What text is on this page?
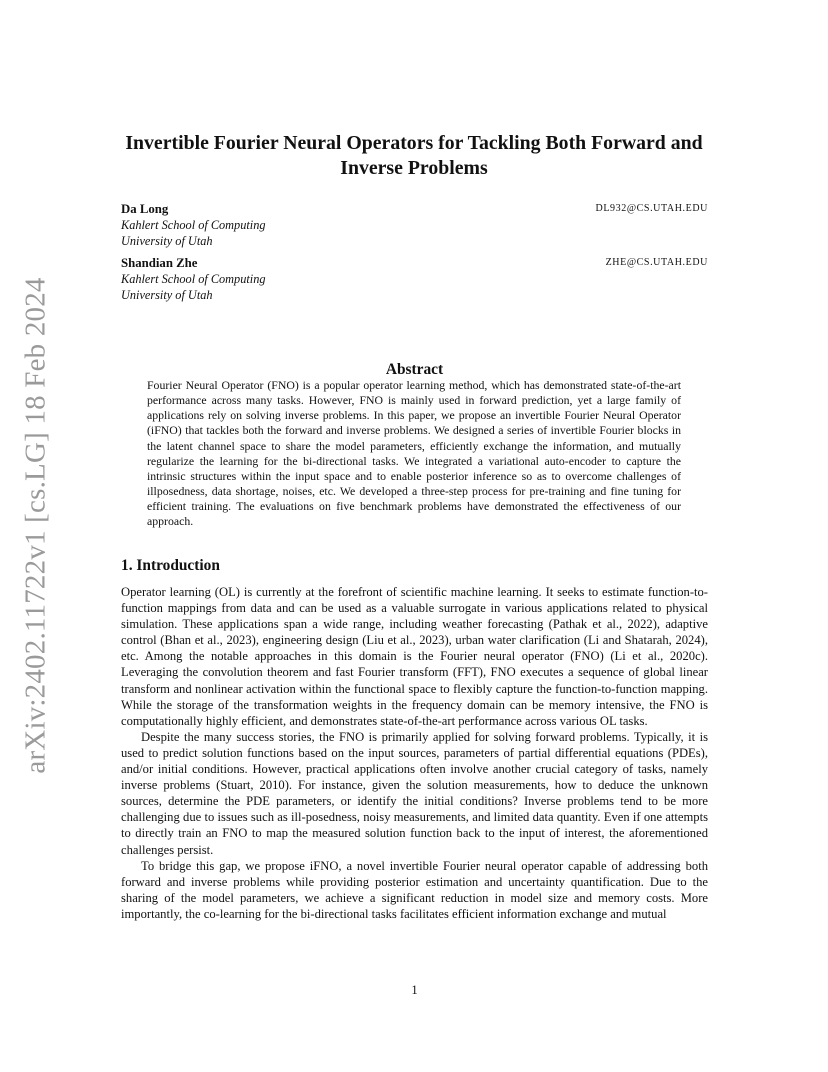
arXiv:2402.11722v1 [cs.LG] 18 Feb 2024
Invertible Fourier Neural Operators for Tackling Both Forward and Inverse Problems
Da Long	DL932@CS.UTAH.EDU
Kahlert School of Computing
University of Utah
Shandian Zhe	ZHE@CS.UTAH.EDU
Kahlert School of Computing
University of Utah
Abstract
Fourier Neural Operator (FNO) is a popular operator learning method, which has demonstrated state-of-the-art performance across many tasks. However, FNO is mainly used in forward prediction, yet a large family of applications rely on solving inverse problems. In this paper, we propose an invertible Fourier Neural Operator (iFNO) that tackles both the forward and inverse problems. We designed a series of invertible Fourier blocks in the latent channel space to share the model parameters, efficiently exchange the information, and mutually regularize the learning for the bi-directional tasks. We integrated a variational auto-encoder to capture the intrinsic structures within the input space and to enable posterior inference so as to overcome challenges of illposedness, data shortage, noises, etc. We developed a three-step process for pre-training and fine tuning for efficient training. The evaluations on five benchmark problems have demonstrated the effectiveness of our approach.
1. Introduction

Operator learning (OL) is currently at the forefront of scientific machine learning. It seeks to estimate function-to-function mappings from data and can be used as a valuable surrogate in various applications related to physical simulation. These applications span a wide range, including weather forecasting (Pathak et al., 2022), adaptive control (Bhan et al., 2023), engineering design (Liu et al., 2023), urban water clarification (Li and Shatarah, 2024), etc. Among the notable approaches in this domain is the Fourier neural operator (FNO) (Li et al., 2020c). Leveraging the convolution theorem and fast Fourier transform (FFT), FNO executes a sequence of global linear transform and nonlinear activation within the functional space to flexibly capture the function-to-function mapping. While the storage of the transformation weights in the frequency domain can be memory intensive, the FNO is computationally highly efficient, and demonstrates state-of-the-art performance across various OL tasks.

Despite the many success stories, the FNO is primarily applied for solving forward problems. Typically, it is used to predict solution functions based on the input sources, parameters of partial differential equations (PDEs), and/or initial conditions. However, practical applications often involve another crucial category of tasks, namely inverse problems (Stuart, 2010). For instance, given the solution measurements, how to deduce the unknown sources, determine the PDE parameters, or identify the initial conditions? Inverse problems tend to be more challenging due to issues such as ill-posedness, noisy measurements, and limited data quantity. Even if one attempts to directly train an FNO to map the measured solution function back to the input of interest, the aforementioned challenges persist.

To bridge this gap, we propose iFNO, a novel invertible Fourier neural operator capable of addressing both forward and inverse problems while providing posterior estimation and uncertainty quantification. Due to the sharing of the model parameters, we achieve a significant reduction in model size and memory costs. More importantly, the co-learning for the bi-directional tasks facilitates efficient information exchange and mutual

1
